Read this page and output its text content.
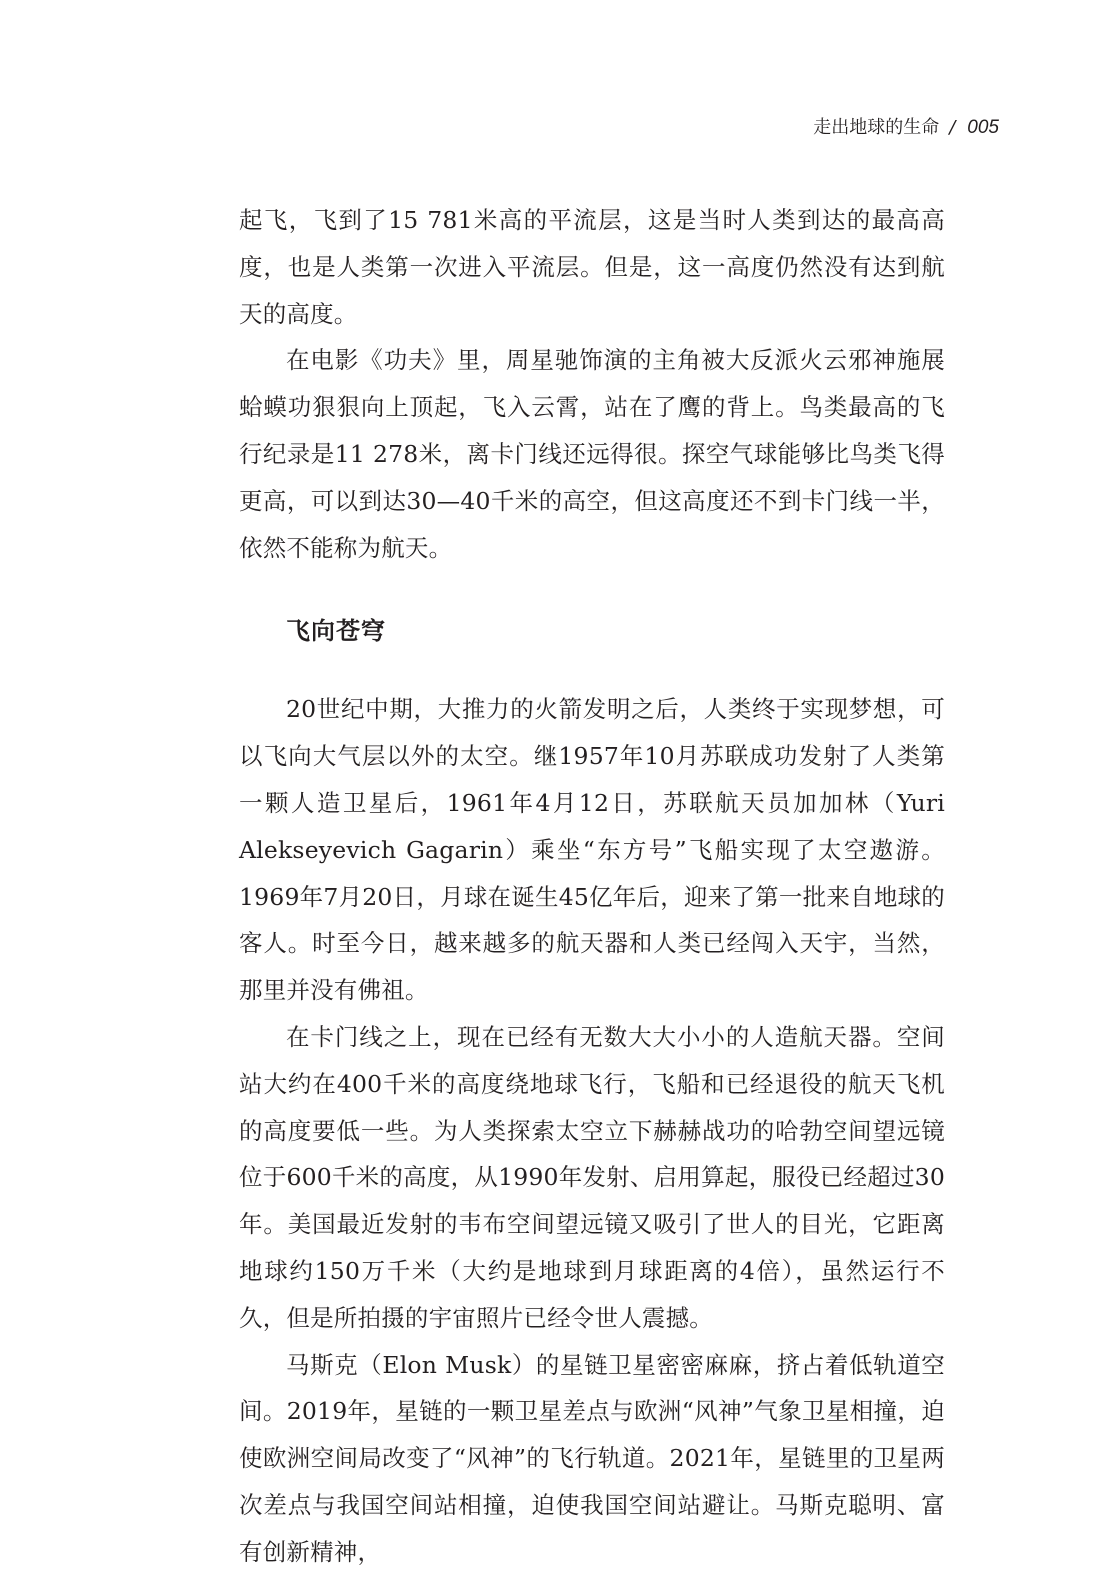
走出地球的生命 / 005

起飞，飞到了15 781米高的平流层，这是当时人类到达的最高高度，也是人类第一次进入平流层。但是，这一高度仍然没有达到航天的高度。

在电影《功夫》里，周星驰饰演的主角被大反派火云邪神施展蛤蟆功狠狠向上顶起，飞入云霄，站在了鹰的背上。鸟类最高的飞行纪录是11 278米，离卡门线还远得很。探空气球能够比鸟类飞得更高，可以到达30—40千米的高空，但这高度还不到卡门线一半，依然不能称为航天。

飞向苍穹

20世纪中期，大推力的火箭发明之后，人类终于实现梦想，可以飞向大气层以外的太空。继1957年10月苏联成功发射了人类第一颗人造卫星后，1961年4月12日，苏联航天员加加林（Yuri Alekseyevich Gagarin）乘坐“东方号”飞船实现了太空遨游。1969年7月20日，月球在诞生45亿年后，迎来了第一批来自地球的客人。时至今日，越来越多的航天器和人类已经闯入天宇，当然，那里并没有佛祖。

在卡门线之上，现在已经有无数大大小小的人造航天器。空间站大约在400千米的高度绕地球飞行，飞船和已经退役的航天飞机的高度要低一些。为人类探索太空立下赫赫战功的哈勃空间望远镜位于600千米的高度，从1990年发射、启用算起，服役已经超过30年。美国最近发射的韦布空间望远镜又吸引了世人的目光，它距离地球约150万千米（大约是地球到月球距离的4倍），虽然运行不久，但是所拍摄的宇宙照片已经令世人震撼。

马斯克（Elon Musk）的星链卫星密密麻麻，挤占着低轨道空间。2019年，星链的一颗卫星差点与欧洲“风神”气象卫星相撞，迫使欧洲空间局改变了“风神”的飞行轨道。2021年，星链里的卫星两次差点与我国空间站相撞，迫使我国空间站避让。马斯克聪明、富有创新精神，
